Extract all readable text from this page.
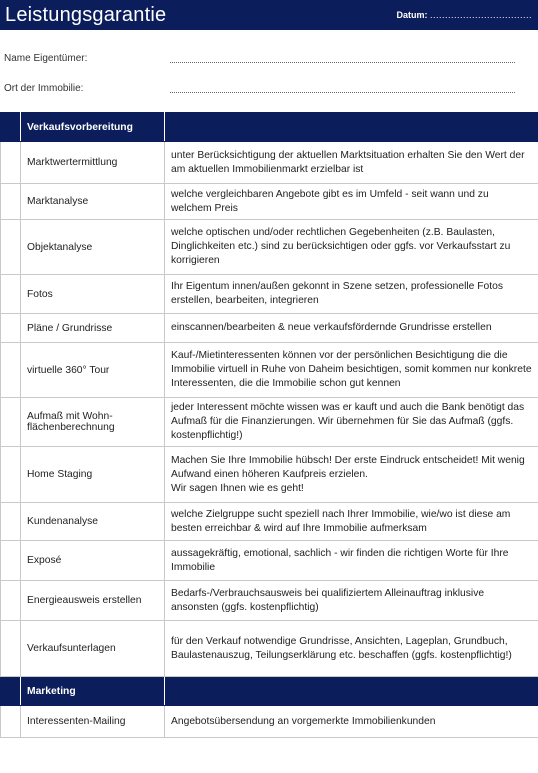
Leistungsgarantie	Datum: ..................................
Name Eigentümer:
Ort der Immobilie:
	Verkaufsvorbereitung	
	Marktwertermittlung	unter Berücksichtigung der aktuellen Marktsituation erhalten Sie den Wert der am aktuellen Immobilienmarkt erzielbar ist
	Marktanalyse	welche vergleichbaren Angebote gibt es im Umfeld - seit wann und zu welchem Preis
	Objektanalyse	welche optischen und/oder rechtlichen Gegebenheiten (z.B. Baulasten, Dinglichkeiten etc.) sind zu berücksichtigen oder ggfs. vor Verkaufsstart zu korrigieren
	Fotos	Ihr Eigentum innen/außen gekonnt in Szene setzen, professionelle Fotos erstellen, bearbeiten, integrieren
	Pläne / Grundrisse	einscannen/bearbeiten & neue verkaufsfördernde Grundrisse erstellen
	virtuelle 360° Tour	Kauf-/Mietinteressenten können vor der persönlichen Besichtigung die die Immobilie virtuell in Ruhe von Daheim besichtigen, somit kommen nur konkrete Interessenten, die die Immobilie schon gut kennen
	Aufmaß mit Wohn-flächenberechnung	jeder Interessent möchte wissen was er kauft und auch die Bank benötigt das Aufmaß für die Finanzierungen. Wir übernehmen für Sie das Aufmaß (ggfs. kostenpflichtig!)
	Home Staging	Machen Sie Ihre Immobilie hübsch! Der erste Eindruck entscheidet! Mit wenig Aufwand einen höheren Kaufpreis erzielen.
Wir sagen Ihnen wie es geht!
	Kundenanalyse	welche Zielgruppe sucht speziell nach Ihrer Immobilie, wie/wo ist diese am besten erreichbar & wird auf Ihre Immobilie aufmerksam
	Exposé	aussagekräftig, emotional, sachlich - wir finden die richtigen Worte für Ihre Immobilie
	Energieausweis erstellen	Bedarfs-/Verbrauchsausweis bei qualifiziertem Alleinauftrag inklusive ansonsten (ggfs. kostenpflichtig)
	Verkaufsunterlagen	für den Verkauf notwendige Grundrisse, Ansichten, Lageplan, Grundbuch, Baulastenauszug, Teilungserklärung etc. beschaffen (ggfs. kostenpflichtig!)
	Marketing	
	Interessenten-Mailing	Angebotsübersendung an vorgemerkte Immobilienkunden
